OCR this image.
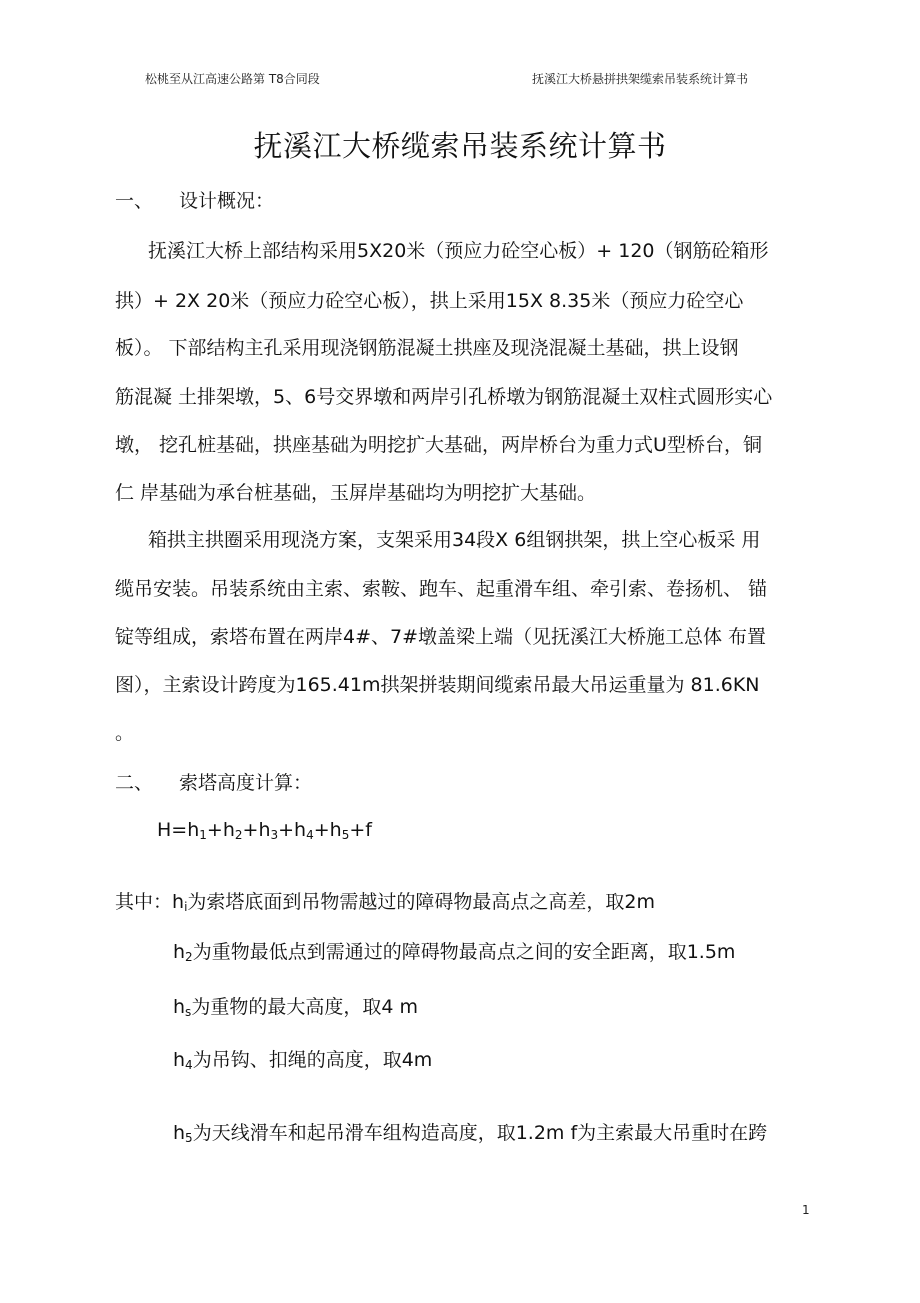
松桃至从江高速公路第 T8合同段	抚溪江大桥悬拼拱架缆索吊装系统计算书
抚溪江大桥缆索吊装系统计算书
一、 设计概况：
抚溪江大桥上部结构采用5X20米（预应力砼空心板）+ 120（钢筋砼箱形
拱）+ 2X 20米（预应力砼空心板），拱上采用15X 8.35米（预应力砼空心
板）。 下部结构主孔采用现浇钢筋混凝土拱座及现浇混凝土基础，拱上设钢
筋混凝 土排架墩，5、6号交界墩和两岸引孔桥墩为钢筋混凝土双柱式圆形实心
墩， 挖孔桩基础，拱座基础为明挖扩大基础，两岸桥台为重力式U型桥台，铜
仁 岸基础为承台桩基础，玉屏岸基础均为明挖扩大基础。
箱拱主拱圈采用现浇方案，支架采用34段X 6组钢拱架，拱上空心板采 用
缆吊安装。吊装系统由主索、索鞍、跑车、起重滑车组、牵引索、卷扬机、 锚
锭等组成，索塔布置在两岸4#、7#墩盖梁上端（见抚溪江大桥施工总体 布置
图），主索设计跨度为165.41m拱架拼装期间缆索吊最大吊运重量为 81.6KN
。
二、 索塔高度计算：
$H=h_1+h_2+h_3+h_4+h_5+f$
其中：$h_i$为索塔底面到吊物需越过的障碍物最高点之高差，取2m
$h_2$为重物最低点到需通过的障碍物最高点之间的安全距离，取1.5m
$h_s$为重物的最大高度，取4 m
$h_4$为吊钩、扣绳的高度，取4m
$h_5$为天线滑车和起吊滑车组构造高度，取1.2m f为主索最大吊重时在跨
1
